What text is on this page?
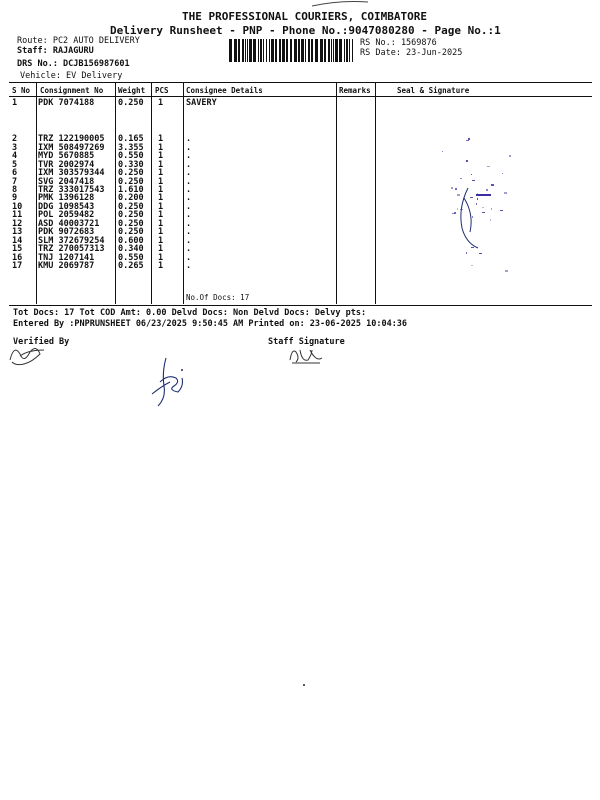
THE PROFESSIONAL COURIERS, COIMBATORE
Delivery Runsheet - PNP - Phone No.:9047080280 - Page No.:1
Route: PC2 AUTO DELIVERY
Staff: RAJAGURU
DRS No.: DCJB156987601
Vehicle: EV Delivery
RS No.: 1569876
RS Date: 23-Jun-2025
S No Consignment No Weight PCS Consignee Details	Remarks	Seal & Signature
1 PDK 7074188	0.250 1	SAVERY
2 TRZ 122190005 0.165 1	.
3 IXM 508497269 3.355 1	.
4 MYD 5670885	0.550 1	.
5 TVR 2002974	0.330 1	.
6 IXM 303579344 0.250 1	.
7 SVG 2047418	0.250 1	.
8 TRZ 333017543 1.610 1	.
9 PMK 1396128	0.200 1	.
10 DDG 1098543	0.250 1	.
11 POL 2059482	0.250 1	.
12 ASD 40003721 0.250 1	.
13 PDK 9072683	0.250 1	.
14 SLM 372679254 0.600 1	.
15 TRZ 270057313 0.340 1	.
16 TNJ 1207141	0.550 1	.
17 KMU 2069787	0.265 1	.
No.Of Docs: 17
Tot Docs: 17 Tot COD Amt: 0.00 Delvd Docs: Non Delvd Docs: Delvy pts:
Entered By :PNPRUNSHEET 06/23/2025 9:50:45 AM Printed on: 23-06-2025 10:04:36
Verified By	Staff Signature
